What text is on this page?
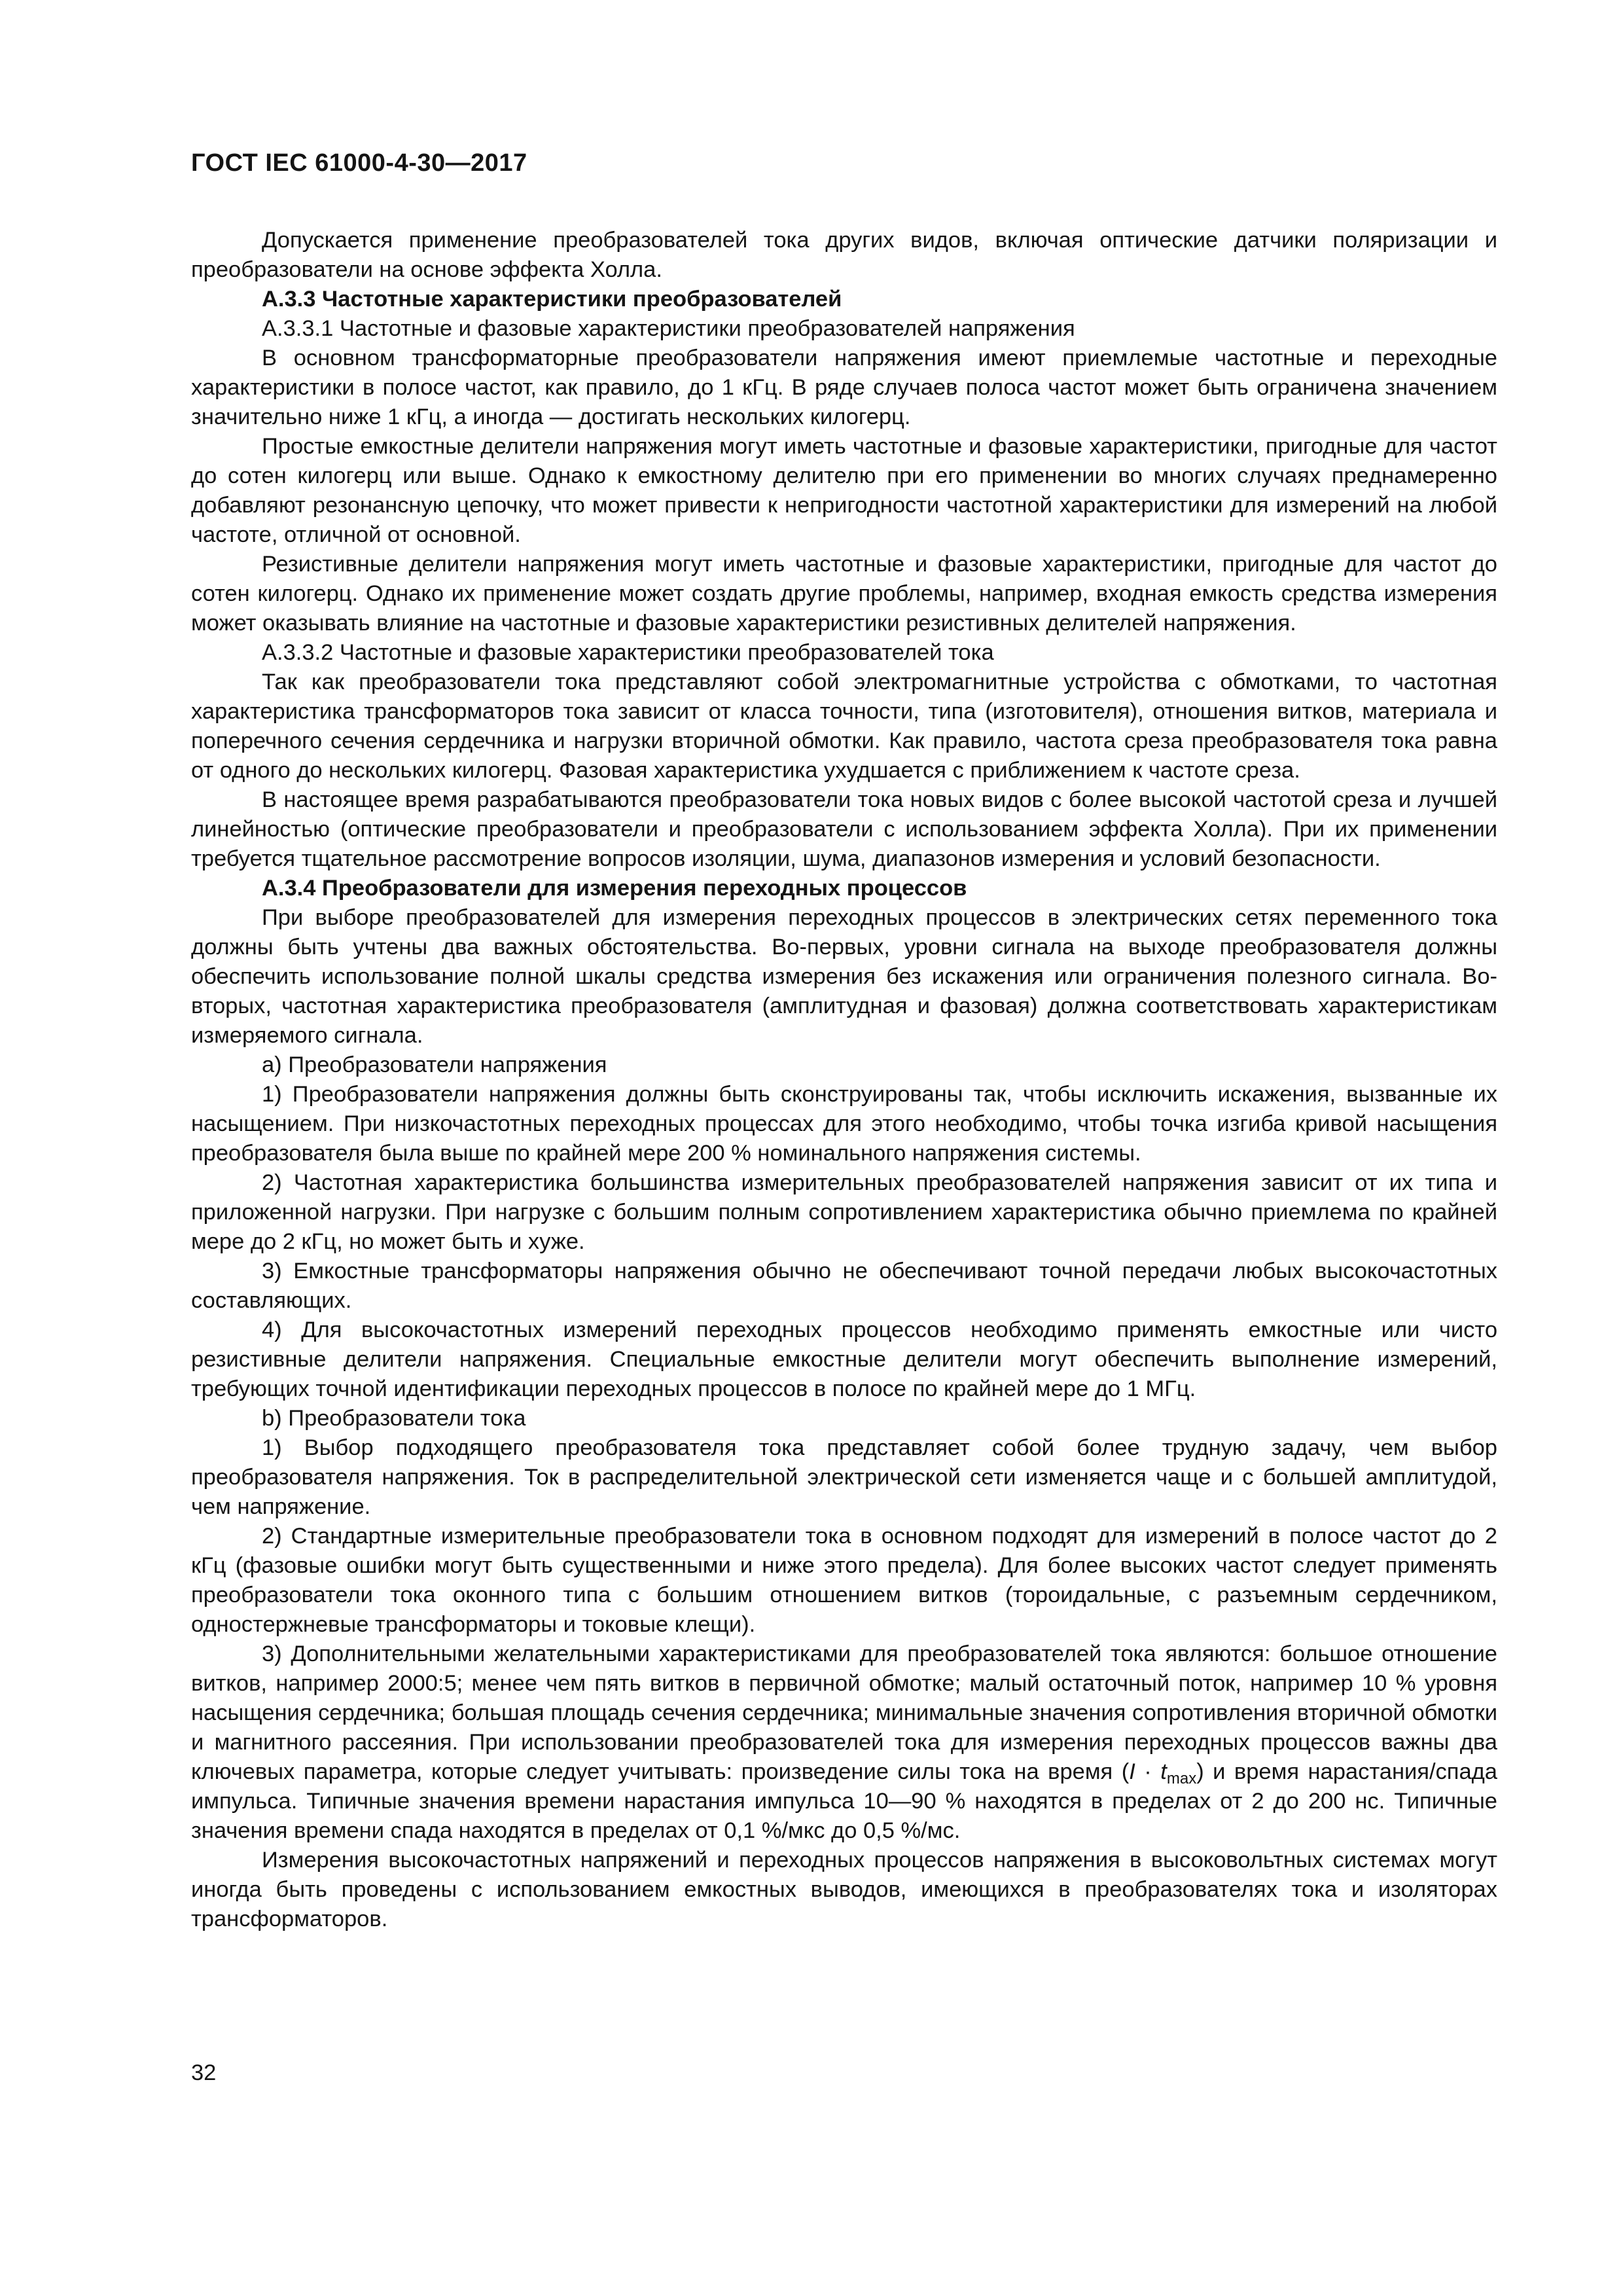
ГОСТ IEC 61000-4-30—2017

Допускается применение преобразователей тока других видов, включая оптические датчики поляризации и преобразователи на основе эффекта Холла.

А.3.3 Частотные характеристики преобразователей

А.3.3.1 Частотные и фазовые характеристики преобразователей напряжения

В основном трансформаторные преобразователи напряжения имеют приемлемые частотные и переходные характеристики в полосе частот, как правило, до 1 кГц. В ряде случаев полоса частот может быть ограничена значением значительно ниже 1 кГц, а иногда — достигать нескольких килогерц.

Простые емкостные делители напряжения могут иметь частотные и фазовые характеристики, пригодные для частот до сотен килогерц или выше. Однако к емкостному делителю при его применении во многих случаях преднамеренно добавляют резонансную цепочку, что может привести к непригодности частотной характеристики для измерений на любой частоте, отличной от основной.

Резистивные делители напряжения могут иметь частотные и фазовые характеристики, пригодные для частот до сотен килогерц. Однако их применение может создать другие проблемы, например, входная емкость средства измерения может оказывать влияние на частотные и фазовые характеристики резистивных делителей напряжения.

А.3.3.2 Частотные и фазовые характеристики преобразователей тока

Так как преобразователи тока представляют собой электромагнитные устройства с обмотками, то частотная характеристика трансформаторов тока зависит от класса точности, типа (изготовителя), отношения витков, материала и поперечного сечения сердечника и нагрузки вторичной обмотки. Как правило, частота среза преобразователя тока равна от одного до нескольких килогерц. Фазовая характеристика ухудшается с приближением к частоте среза.

В настоящее время разрабатываются преобразователи тока новых видов с более высокой частотой среза и лучшей линейностью (оптические преобразователи и преобразователи с использованием эффекта Холла). При их применении требуется тщательное рассмотрение вопросов изоляции, шума, диапазонов измерения и условий безопасности.

А.3.4 Преобразователи для измерения переходных процессов

При выборе преобразователей для измерения переходных процессов в электрических сетях переменного тока должны быть учтены два важных обстоятельства. Во-первых, уровни сигнала на выходе преобразователя должны обеспечить использование полной шкалы средства измерения без искажения или ограничения полезного сигнала. Во-вторых, частотная характеристика преобразователя (амплитудная и фазовая) должна соответствовать характеристикам измеряемого сигнала.

a) Преобразователи напряжения

1) Преобразователи напряжения должны быть сконструированы так, чтобы исключить искажения, вызванные их насыщением. При низкочастотных переходных процессах для этого необходимо, чтобы точка изгиба кривой насыщения преобразователя была выше по крайней мере 200 % номинального напряжения системы.

2) Частотная характеристика большинства измерительных преобразователей напряжения зависит от их типа и приложенной нагрузки. При нагрузке с большим полным сопротивлением характеристика обычно приемлема по крайней мере до 2 кГц, но может быть и хуже.

3) Емкостные трансформаторы напряжения обычно не обеспечивают точной передачи любых высокочастотных составляющих.

4) Для высокочастотных измерений переходных процессов необходимо применять емкостные или чисто резистивные делители напряжения. Специальные емкостные делители могут обеспечить выполнение измерений, требующих точной идентификации переходных процессов в полосе по крайней мере до 1 МГц.

b) Преобразователи тока

1) Выбор подходящего преобразователя тока представляет собой более трудную задачу, чем выбор преобразователя напряжения. Ток в распределительной электрической сети изменяется чаще и с большей амплитудой, чем напряжение.

2) Стандартные измерительные преобразователи тока в основном подходят для измерений в полосе частот до 2 кГц (фазовые ошибки могут быть существенными и ниже этого предела). Для более высоких частот следует применять преобразователи тока оконного типа с большим отношением витков (тороидальные, с разъемным сердечником, одностержневые трансформаторы и токовые клещи).

3) Дополнительными желательными характеристиками для преобразователей тока являются: большое отношение витков, например 2000:5; менее чем пять витков в первичной обмотке; малый остаточный поток, например 10 % уровня насыщения сердечника; большая площадь сечения сердечника; минимальные значения сопротивления вторичной обмотки и магнитного рассеяния. При использовании преобразователей тока для измерения переходных процессов важны два ключевых параметра, которые следует учитывать: произведение силы тока на время $(I \cdot t_{max})$ и время нарастания/спада импульса. Типичные значения времени нарастания импульса 10—90 % находятся в пределах от 2 до 200 нс. Типичные значения времени спада находятся в пределах от 0,1 %/мкс до 0,5 %/мс.

Измерения высокочастотных напряжений и переходных процессов напряжения в высоковольтных системах могут иногда быть проведены с использованием емкостных выводов, имеющихся в преобразователях тока и изоляторах трансформаторов.

32
